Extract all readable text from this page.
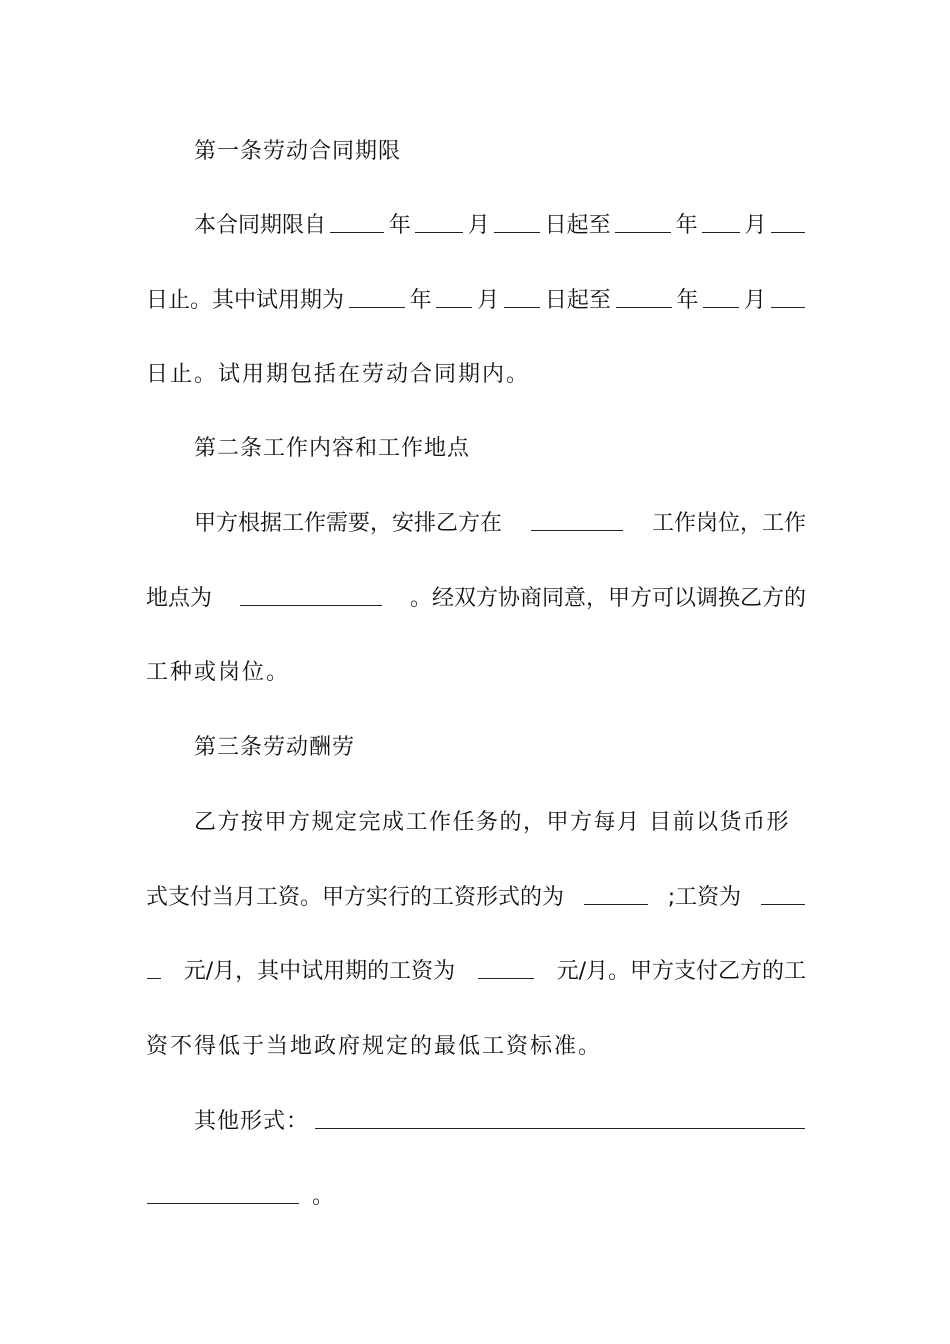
第一条劳动合同期限
本合同期限自	年	月 日起至	年 月
日止。其中试用期为	年 月 日起至	年 月
日止。试用期包括在劳动合同期内。
第二条工作内容和工作地点
甲方根据工作需要，安排乙方在	工作岗位，工作
地点为	。经双方协商同意，甲方可以调换乙方的
工种或岗位。
第三条劳动酬劳
乙方按甲方规定完成工作任务的，甲方每月 目前以货币形
式支付当月工资。甲方实行的工资形式的为	;工资为
元/月，其中试用期的工资为	元/月。甲方支付乙方的工
资不得低于当地政府规定的最低工资标准。
其他形式：
。
